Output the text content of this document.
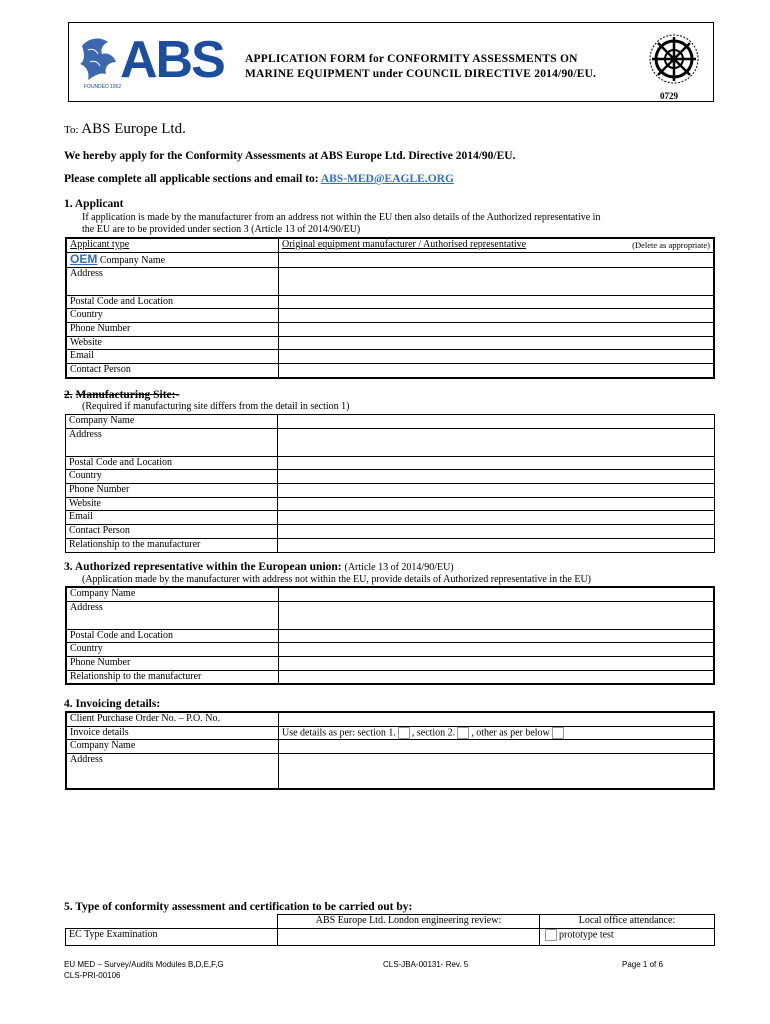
ABS
FOUNDED 1862
APPLICATION FORM for CONFORMITY ASSESSMENTS ON
MARINE EQUIPMENT under COUNCIL DIRECTIVE 2014/90/EU.
0729
To: ABS Europe Ltd.
We hereby apply for the Conformity Assessments at ABS Europe Ltd. Directive 2014/90/EU.
Please complete all applicable sections and email to: ABS-MED@EAGLE.ORG
1. Applicant
If application is made by the manufacturer from an address not within the EU then also details of the Authorized representative in
the EU are to be provided under section 3 (Article 13 of 2014/90/EU)
Applicant type	Original equipment manufacturer / Authorised representative (Delete as appropriate)

OEM Company Name	
Address	
Postal Code and Location	
Country	
Phone Number	
Website	
Email	
Contact Person	
2. Manufacturing Site:-
(Required if manufacturing site differs from the detail in section 1)
Company Name	
Address	
Postal Code and Location	
Country	
Phone Number	
Website	
Email	
Contact Person	
Relationship to the manufacturer	
3. Authorized representative within the European union: (Article 13 of 2014/90/EU)
(Application made by the manufacturer with address not within the EU, provide details of Authorized representative in the EU)
Company Name	
Address	
Postal Code and Location	
Country	
Phone Number	
Relationship to the manufacturer	
4. Invoicing details:
Client Purchase Order No. – P.O. No.	
Invoice details	Use details as per: section 1. , section 2. , other as per below
Company Name	
Address	
5. Type of conformity assessment and certification to be carried out by:
	ABS Europe Ltd. London engineering review:	Local office attendance:
EC Type Examination		prototype test
EU MED – Survey/Audits Modules B,D,E,F,G
CLS-PRI-00106
CLS-JBA-00131- Rev. 5	Page 1 of 6
